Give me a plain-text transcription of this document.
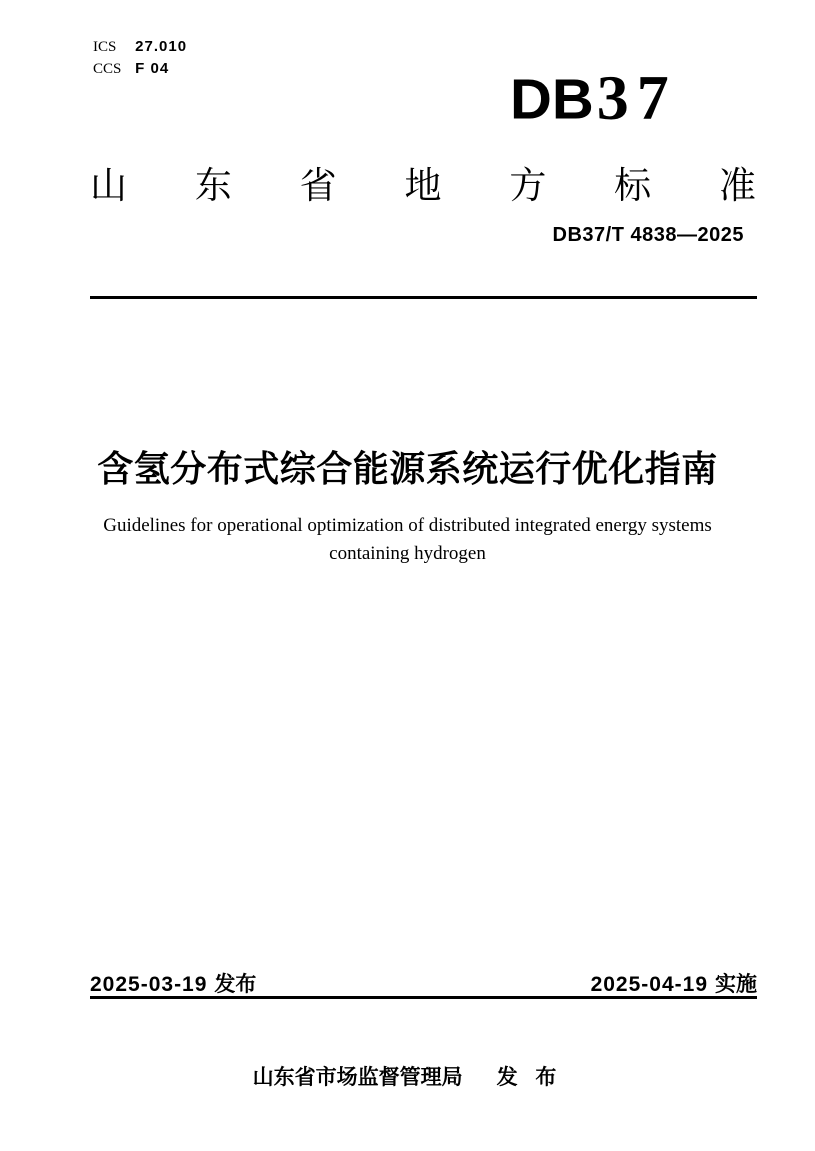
ICS 27.010
CCS F 04	DB 37
山 东 省 地 方 标 准
DB37/T 4838—2025
含氢分布式综合能源系统运行优化指南
Guidelines for operational optimization of distributed integrated energy systems
containing hydrogen
2025-03-19 发布	2025-04-19 实施
山东省市场监督管理局 发 布
